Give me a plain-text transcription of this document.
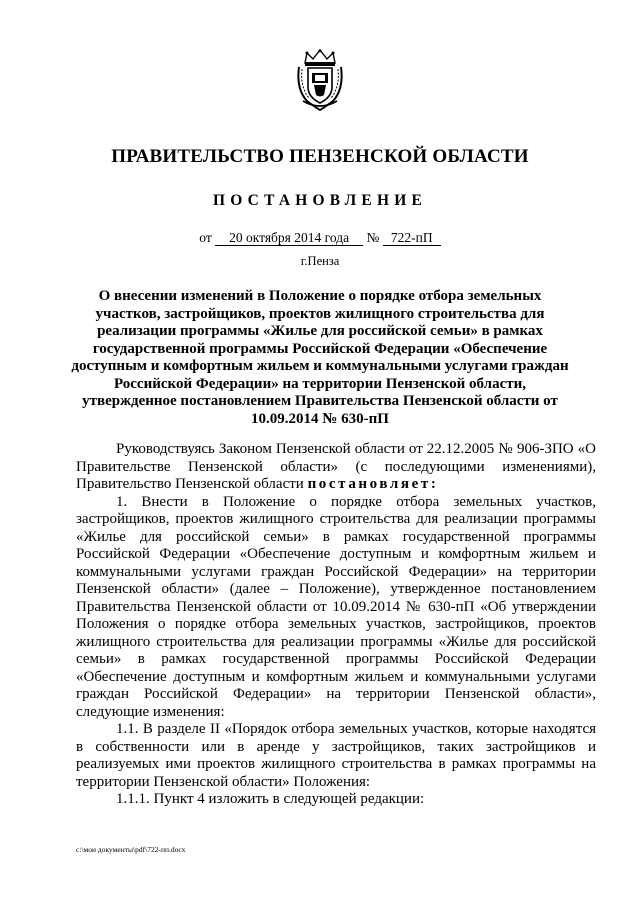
ПРАВИТЕЛЬСТВО ПЕНЗЕНСКОЙ ОБЛАСТИ
ПОСТАНОВЛЕНИЕ
от 20 октября 2014 года № 722-пП
г.Пенза
О внесении изменений в Положение о порядке отбора земельных участков, застройщиков, проектов жилищного строительства для реализации программы «Жилье для российской семьи» в рамках государственной программы Российской Федерации «Обеспечение доступным и комфортным жильем и коммунальными услугами граждан Российской Федерации» на территории Пензенской области, утвержденное постановлением Правительства Пензенской области от 10.09.2014 № 630-пП

Руководствуясь Законом Пензенской области от 22.12.2005 № 906-ЗПО «О Правительстве Пензенской области» (с последующими изменениями), Правительство Пензенской области постановляет:

1. Внести в Положение о порядке отбора земельных участков, застройщиков, проектов жилищного строительства для реализации программы «Жилье для российской семьи» в рамках государственной программы Российской Федерации «Обеспечение доступным и комфортным жильем и коммунальными услугами граждан Российской Федерации» на территории Пензенской области» (далее – Положение), утвержденное постановлением Правительства Пензенской области от 10.09.2014 № 630-пП «Об утверждении Положения о порядке отбора земельных участков, застройщиков, проектов жилищного строительства для реализации программы «Жилье для российской семьи» в рамках государственной программы Российской Федерации «Обеспечение доступным и комфортным жильем и коммунальными услугами граждан Российской Федерации» на территории Пензенской области», следующие изменения:

1.1. В разделе II «Порядок отбора земельных участков, которые находятся в собственности или в аренде у застройщиков, таких застройщиков и реализуемых ими проектов жилищного строительства в рамках программы на территории Пензенской области» Положения:

1.1.1. Пункт 4 изложить в следующей редакции:

c:\мои документы\pdf\722-пп.docx
